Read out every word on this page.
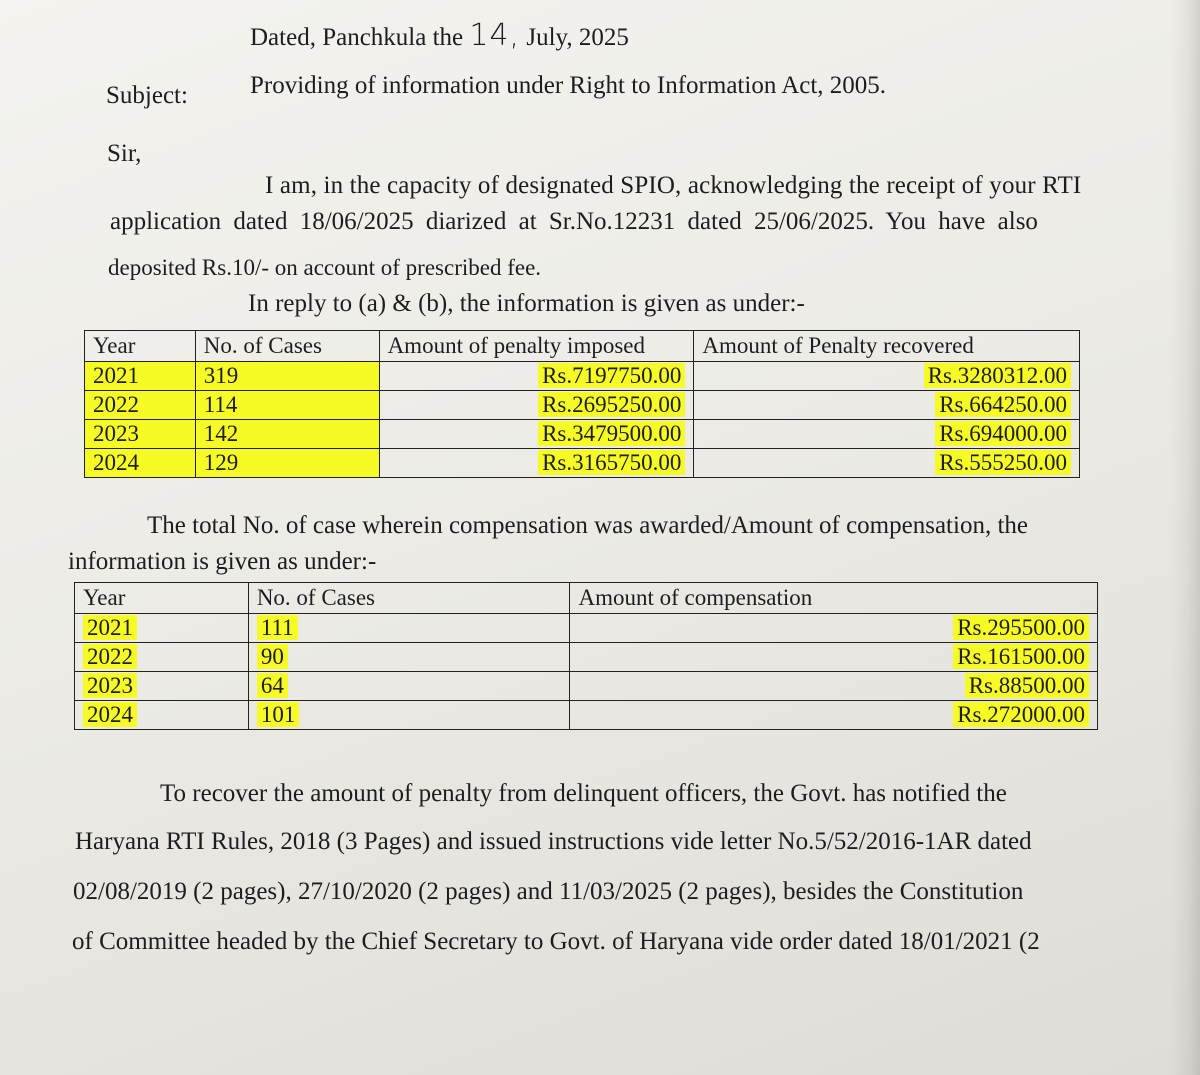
Dated, Panchkula the 14, July, 2025
Subject: Providing of information under Right to Information Act, 2005.
Sir,
I am, in the capacity of designated SPIO, acknowledging the receipt of your RTI
application dated 18/06/2025 diarized at Sr.No.12231 dated 25/06/2025. You have also
deposited Rs.10/- on account of prescribed fee.
In reply to (a) & (b), the information is given as under:-
Year	No. of Cases	Amount of penalty imposed	Amount of Penalty recovered
2021	319	Rs.7197750.00	Rs.3280312.00
2022	114	Rs.2695250.00	Rs.664250.00
2023	142	Rs.3479500.00	Rs.694000.00
2024	129	Rs.3165750.00	Rs.555250.00
The total No. of case wherein compensation was awarded/Amount of compensation, the
information is given as under:-
Year	No. of Cases	Amount of compensation
2021	111	Rs.295500.00
2022	90	Rs.161500.00
2023	64	Rs.88500.00
2024	101	Rs.272000.00
To recover the amount of penalty from delinquent officers, the Govt. has notified the
Haryana RTI Rules, 2018 (3 Pages) and issued instructions vide letter No.5/52/2016-1AR dated
02/08/2019 (2 pages), 27/10/2020 (2 pages) and 11/03/2025 (2 pages), besides the Constitution
of Committee headed by the Chief Secretary to Govt. of Haryana vide order dated 18/01/2021 (2
